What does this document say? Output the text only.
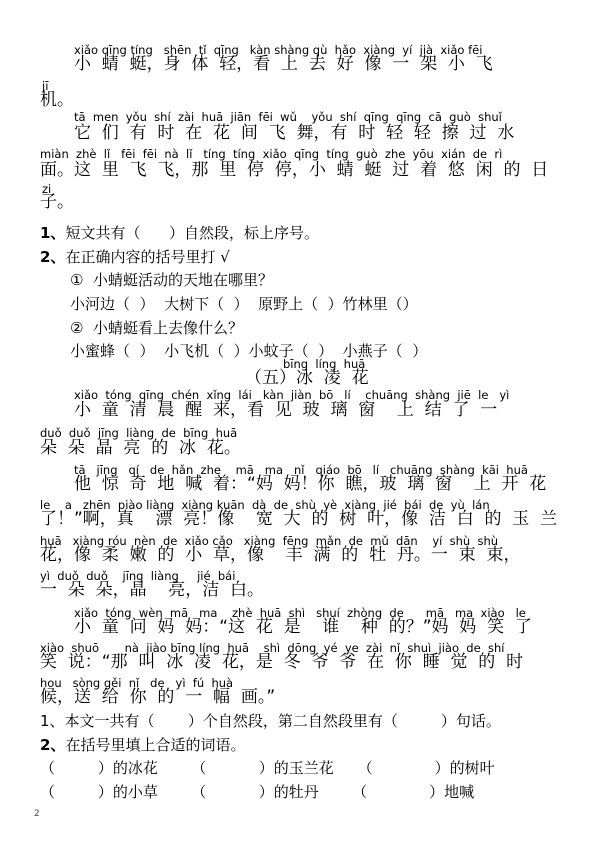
xiǎo qīng tíng   shēn  tǐ  qīng   kàn shàng qù  hǎo  xiàng  yí  jià  xiǎo fēi
小  蜻  蜓，身  体  轻，看  上  去  好  像  一  架  小  飞
jī
机。
tā  men  yǒu  shí  zài  huā  jiān  fēi  wǔ    yǒu  shí  qīng  qīng  cā  guò  shuǐ
它  们  有  时  在  花  间  飞  舞，有  时  轻  轻  擦  过  水
miàn  zhè  lǐ   fēi  fēi  nà  lǐ   tíng  tíng  xiǎo  qīng  tíng  guò  zhe  yōu  xián  de  rì
面。这  里  飞  飞，那  里  停  停，小  蜻  蜓  过  着  悠  闲  的  日
zi
子。
1、短文共有（      ）自然段，标上序号。
2、在正确内容的括号里打 √
①  小蜻蜓活动的天地在哪里？
小河边（  ）  大树下（  ）  原野上（  ）竹林里（）
②  小蜻蜓看上去像什么？
小蜜蜂（  ）  小飞机（  ）小蚊子（  ）  小燕子（  ）
bīng  líng  huā
（五）冰  凌  花
xiǎo  tóng  qīng  chén  xǐng  lái   kàn  jiàn  bō   lí    chuāng  shàng  jiē  le   yì
小  童  清  晨  醒  来，看  见  玻  璃  窗    上  结  了  一
duǒ  duǒ  jīng  liàng  de  bīng  huā
朵  朵  晶  亮  的  冰  花。
tā   jīng   qí   de  hǎn  zhe    mā   ma   nǐ   qiáo  bō   lí   chuāng  shàng  kāi  huā
他  惊  奇  地  喊  着：“妈  妈！你  瞧，玻  璃  窗    上  开  花
le    a   zhēn  piào liàng  xiàng kuān  dà  de  shù  yè  xiàng  jié  bái  de  yù  lán
了！”啊，真    漂  亮！像    宽  大  的  树  叶，像  洁  白  的  玉  兰
huā   xiàng róu  nèn  de  xiǎo cǎo   xiàng  fēng  mǎn  de  mǔ  dān    yí  shù  shù
花，像  柔  嫩  的  小  草，像    丰  满  的  牡  丹。一  束  束，
yì  duǒ  duǒ    jīng  liàng     jié  bái
一  朵  朵，晶    亮，洁  白。
xiǎo  tóng  wèn  mā   ma    zhè  huā  shì   shuí  zhòng  de      mā   ma  xiào   le
小  童  问  妈  妈：“这  花  是    谁    种  的？”妈  妈  笑  了
xiào  shuō       nà  jiào bīng líng  huā    shì  dōng  yé  ye  zài  nǐ  shuì  jiào  de  shí
笑  说：“那  叫  冰  凌  花，是  冬  爷  爷  在  你  睡  觉  的  时
hou   sòng gěi  nǐ   de   yì  fú  huà
候，送  给  你  的  一  幅  画。”
1、本文一共有（       ）个自然段，第二自然段里有（         ）句话。
2、在括号里填上合适的词语。
（         ）的冰花       （           ）的玉兰花     （             ）的树叶
（         ）的小草       （           ）的牡丹       （             ）地喊
2
